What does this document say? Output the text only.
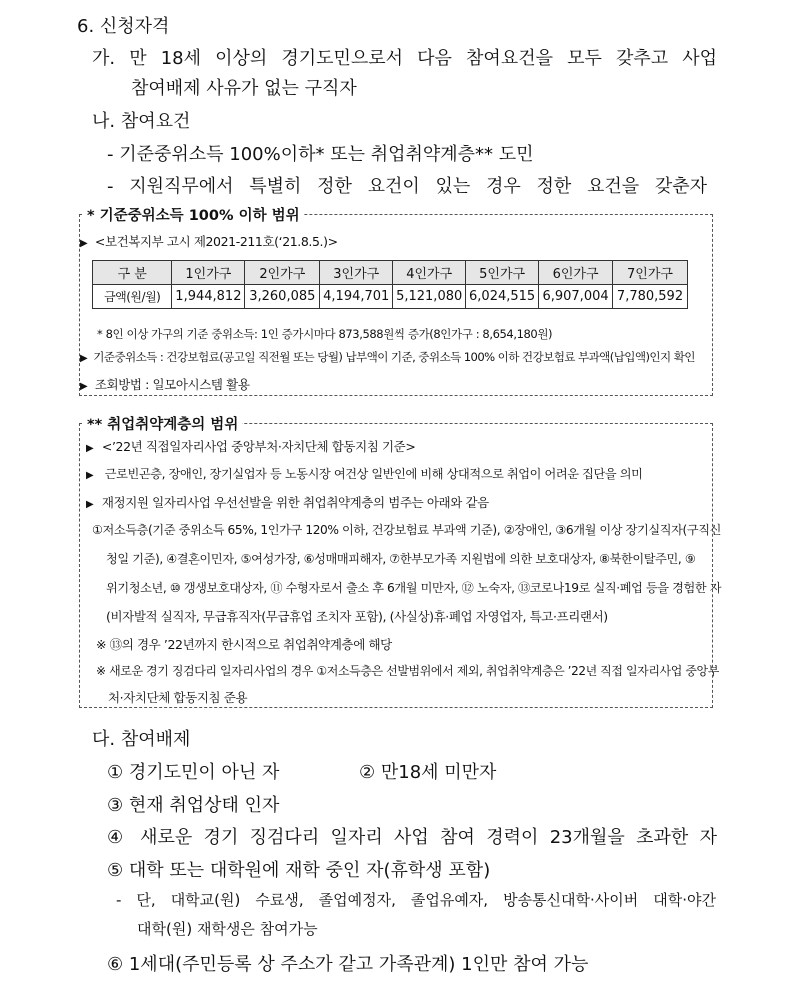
6. 신청자격
가. 만 18세 이상의 경기도민으로서 다음 참여요건을 모두 갖추고 사업
참여배제 사유가 없는 구직자
나. 참여요건
- 기준중위소득 100%이하* 또는 취업취약계층** 도민
- 지원직무에서 특별히 정한 요건이 있는 경우 정한 요건을 갖춘자
* 기준중위소득 100% 이하 범위
▶ <보건복지부 고시 제2021-211호(‘21.8.5.)>
구 분	1인가구	2인가구	3인가구	4인가구	5인가구	6인가구	7인가구
금액(원/월)	1,944,812	3,260,085	4,194,701	5,121,080	6,024,515	6,907,004	7,780,592
* 8인 이상 가구의 기준 중위소득: 1인 증가시마다 873,588원씩 증가(8인가구 : 8,654,180원)
▶ 기준중위소득 : 건강보험료(공고일 직전월 또는 당월) 납부액이 기준, 중위소득 100% 이하 건강보험료 부과액(납입액)인지 확인
▶ 조회방법 : 일모아시스템 활용
** 취업취약계층의 범위
▶ <’22년 직접일자리사업 중앙부처·자치단체 합동지침 기준>
▶ 근로빈곤층, 장애인, 장기실업자 등 노동시장 여건상 일반인에 비해 상대적으로 취업이 어려운 집단을 의미
▶ 재정지원 일자리사업 우선선발을 위한 취업취약계층의 범주는 아래와 같음
①저소득층(기준 중위소득 65%, 1인가구 120% 이하, 건강보험료 부과액 기준), ②장애인, ③6개월 이상 장기실직자(구직신
청일 기준), ④결혼이민자, ⑤여성가장, ⑥성매매피해자, ⑦한부모가족 지원법에 의한 보호대상자, ⑧북한이탈주민, ⑨
위기청소년, ⑩ 갱생보호대상자, ⑪ 수형자로서 출소 후 6개월 미만자, ⑫ 노숙자, ⑬코로나19로 실직·폐업 등을 경험한 자
(비자발적 실직자, 무급휴직자(무급휴업 조치자 포함), (사실상)휴·폐업 자영업자, 특고·프리랜서)
※ ⑬의 경우 ’22년까지 한시적으로 취업취약계층에 해당
※ 새로운 경기 징검다리 일자리사업의 경우 ①저소득층은 선발범위에서 제외, 취업취약계층은 ’22년 직접 일자리사업 중앙부
처·자치단체 합동지침 준용
다. 참여배제
① 경기도민이 아닌 자	② 만18세 미만자
③ 현재 취업상태 인자
④ 새로운 경기 징검다리 일자리 사업 참여 경력이 23개월을 초과한 자
⑤ 대학 또는 대학원에 재학 중인 자(휴학생 포함)
- 단, 대학교(원) 수료생, 졸업예정자, 졸업유예자, 방송통신대학·사이버 대학·야간
대학(원) 재학생은 참여가능
⑥ 1세대(주민등록 상 주소가 같고 가족관계) 1인만 참여 가능
